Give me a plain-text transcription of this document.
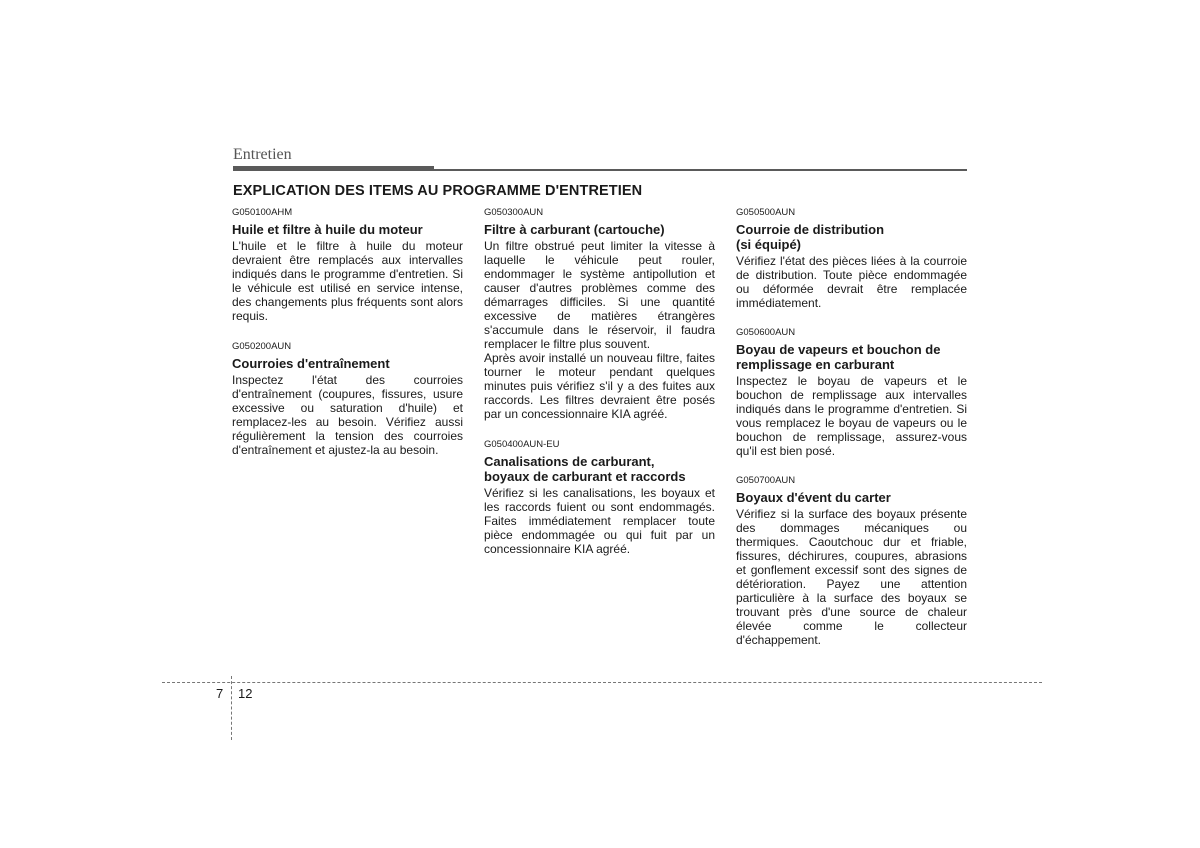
Entretien
EXPLICATION DES ITEMS AU PROGRAMME D'ENTRETIEN
G050100AHM
Huile et filtre à huile du moteur

L'huile et le filtre à huile du moteur devraient être remplacés aux intervalles indiqués dans le programme d'entretien. Si le véhicule est utilisé en service intense, des changements plus fréquents sont alors requis.

G050200AUN
Courroies d'entraînement

Inspectez l'état des courroies d'entraînement (coupures, fissures, usure excessive ou saturation d'huile) et remplacez-les au besoin. Vérifiez aussi régulièrement la tension des courroies d'entraînement et ajustez-la au besoin.

G050300AUN
Filtre à carburant (cartouche)

Un filtre obstrué peut limiter la vitesse à laquelle le véhicule peut rouler, endommager le système antipollution et causer d'autres problèmes comme des démarrages difficiles. Si une quantité excessive de matières étrangères s'accumule dans le réservoir, il faudra remplacer le filtre plus souvent.

Après avoir installé un nouveau filtre, faites tourner le moteur pendant quelques minutes puis vérifiez s'il y a des fuites aux raccords. Les filtres devraient être posés par un concessionnaire KIA agréé.

G050400AUN-EU
Canalisations de carburant,
boyaux de carburant et raccords

Vérifiez si les canalisations, les boyaux et les raccords fuient ou sont endommagés. Faites immédiatement remplacer toute pièce endommagée ou qui fuit par un concessionnaire KIA agréé.

G050500AUN
Courroie de distribution
(si équipé)

Vérifiez l'état des pièces liées à la courroie de distribution. Toute pièce endommagée ou déformée devrait être remplacée immédiatement.

G050600AUN
Boyau de vapeurs et bouchon de
remplissage en carburant

Inspectez le boyau de vapeurs et le bouchon de remplissage aux intervalles indiqués dans le programme d'entretien. Si vous remplacez le boyau de vapeurs ou le bouchon de remplissage, assurez-vous qu'il est bien posé.

G050700AUN
Boyaux d'évent du carter

Vérifiez si la surface des boyaux présente des dommages mécaniques ou thermiques. Caoutchouc dur et friable, fissures, déchirures, coupures, abrasions et gonflement excessif sont des signes de détérioration. Payez une attention particulière à la surface des boyaux se trouvant près d'une source de chaleur élevée comme le collecteur d'échappement.

7 12
